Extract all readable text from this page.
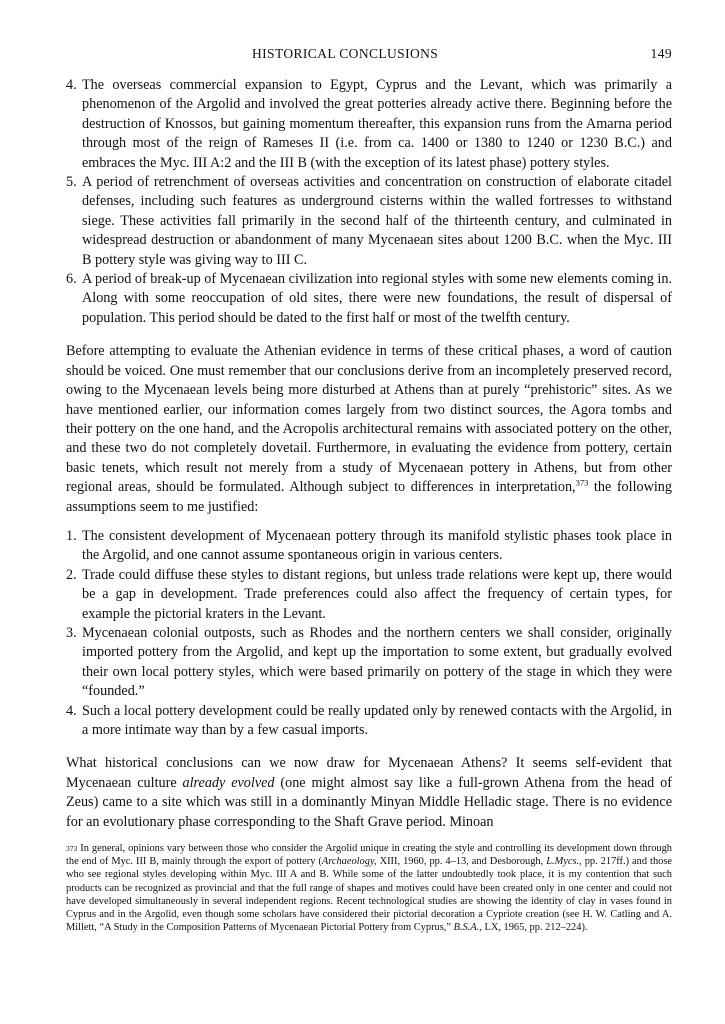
HISTORICAL CONCLUSIONS	149
4. The overseas commercial expansion to Egypt, Cyprus and the Levant, which was primarily a phenomenon of the Argolid and involved the great potteries already active there. Beginning before the destruction of Knossos, but gaining momentum thereafter, this expansion runs from the Amarna period through most of the reign of Rameses II (i.e. from ca. 1400 or 1380 to 1240 or 1230 B.C.) and embraces the Myc. III A:2 and the III B (with the exception of its latest phase) pottery styles.
5. A period of retrenchment of overseas activities and concentration on construction of elaborate citadel defenses, including such features as underground cisterns within the walled fortresses to withstand siege. These activities fall primarily in the second half of the thirteenth century, and culminated in widespread destruction or abandonment of many Mycenaean sites about 1200 B.C. when the Myc. III B pottery style was giving way to III C.
6. A period of break-up of Mycenaean civilization into regional styles with some new elements coming in. Along with some reoccupation of old sites, there were new foundations, the result of dispersal of population. This period should be dated to the first half or most of the twelfth century.

Before attempting to evaluate the Athenian evidence in terms of these critical phases, a word of caution should be voiced. One must remember that our conclusions derive from an incompletely preserved record, owing to the Mycenaean levels being more disturbed at Athens than at purely “prehistoric” sites. As we have mentioned earlier, our information comes largely from two distinct sources, the Agora tombs and their pottery on the one hand, and the Acropolis architectural remains with associated pottery on the other, and these two do not completely dovetail. Furthermore, in evaluating the evidence from pottery, certain basic tenets, which result not merely from a study of Mycenaean pottery in Athens, but from other regional areas, should be formulated. Although subject to differences in interpretation,$^{373}$ the following assumptions seem to me justified:

1. The consistent development of Mycenaean pottery through its manifold stylistic phases took place in the Argolid, and one cannot assume spontaneous origin in various centers.
2. Trade could diffuse these styles to distant regions, but unless trade relations were kept up, there would be a gap in development. Trade preferences could also affect the frequency of certain types, for example the pictorial kraters in the Levant.
3. Mycenaean colonial outposts, such as Rhodes and the northern centers we shall consider, originally imported pottery from the Argolid, and kept up the importation to some extent, but gradually evolved their own local pottery styles, which were based primarily on pottery of the stage in which they were “founded.”
4. Such a local pottery development could be really updated only by renewed contacts with the Argolid, in a more intimate way than by a few casual imports.

What historical conclusions can we now draw for Mycenaean Athens? It seems self-evident that Mycenaean culture already evolved (one might almost say like a full-grown Athena from the head of Zeus) came to a site which was still in a dominantly Minyan Middle Helladic stage. There is no evidence for an evolutionary phase corresponding to the Shaft Grave period. Minoan

$^{373}$ In general, opinions vary between those who consider the Argolid unique in creating the style and controlling its development down through the end of Myc. III B, mainly through the export of pottery (Archaeology, XIII, 1960, pp. 4–13, and Desborough, L.Mycs., pp. 217ff.) and those who see regional styles developing within Myc. III A and B. While some of the latter undoubtedly took place, it is my contention that such products can be recognized as provincial and that the full range of shapes and motives could have been created only in one center and could not have developed simultaneously in several independent regions. Recent technological studies are showing the identity of clay in vases found in Cyprus and in the Argolid, even though some scholars have considered their pictorial decoration a Cypriote creation (see H. W. Catling and A. Millett, “A Study in the Composition Patterns of Mycenaean Pictorial Pottery from Cyprus,” B.S.A., LX, 1965, pp. 212–224).
